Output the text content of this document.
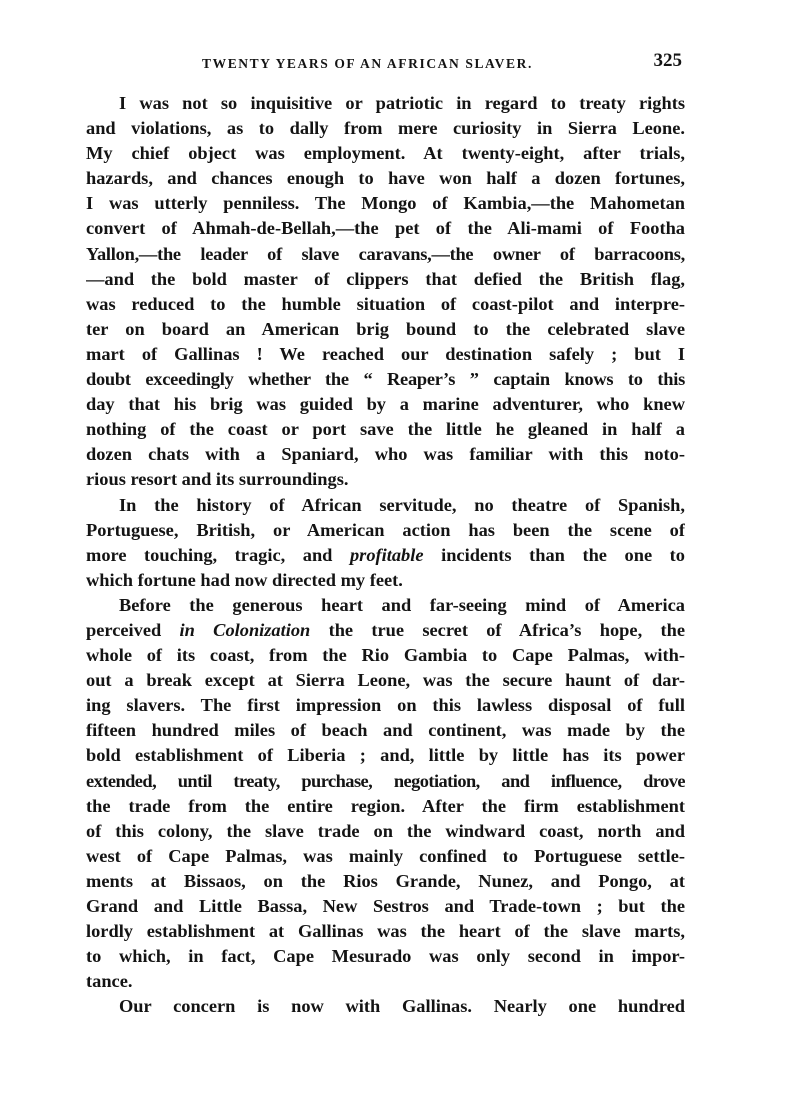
TWENTY YEARS OF AN AFRICAN SLAVER.	325
I was not so inquisitive or patriotic in regard to treaty rights
and violations, as to dally from mere curiosity in Sierra Leone.
My chief object was employment. At twenty-eight, after trials,
hazards, and chances enough to have won half a dozen fortunes,
I was utterly penniless. The Mongo of Kambia,—the Mahometan
convert of Ahmah-de-Bellah,—the pet of the Ali-mami of Footha
Yallon,—the leader of slave caravans,—the owner of barracoons,
—and the bold master of clippers that defied the British flag,
was reduced to the humble situation of coast-pilot and interpre-
ter on board an American brig bound to the celebrated slave
mart of Gallinas ! We reached our destination safely ; but I
doubt exceedingly whether the “ Reaper’s ” captain knows to this
day that his brig was guided by a marine adventurer, who knew
nothing of the coast or port save the little he gleaned in half a
dozen chats with a Spaniard, who was familiar with this noto-
rious resort and its surroundings.
In the history of African servitude, no theatre of Spanish,
Portuguese, British, or American action has been the scene of
more touching, tragic, and profitable incidents than the one to
which fortune had now directed my feet.
Before the generous heart and far-seeing mind of America
perceived in Colonization the true secret of Africa’s hope, the
whole of its coast, from the Rio Gambia to Cape Palmas, with-
out a break except at Sierra Leone, was the secure haunt of dar-
ing slavers. The first impression on this lawless disposal of full
fifteen hundred miles of beach and continent, was made by the
bold establishment of Liberia ; and, little by little has its power
extended, until treaty, purchase, negotiation, and influence, drove
the trade from the entire region. After the firm establishment
of this colony, the slave trade on the windward coast, north and
west of Cape Palmas, was mainly confined to Portuguese settle-
ments at Bissaos, on the Rios Grande, Nunez, and Pongo, at
Grand and Little Bassa, New Sestros and Trade-town ; but the
lordly establishment at Gallinas was the heart of the slave marts,
to which, in fact, Cape Mesurado was only second in impor-
tance.
Our concern is now with Gallinas. Nearly one hundred
